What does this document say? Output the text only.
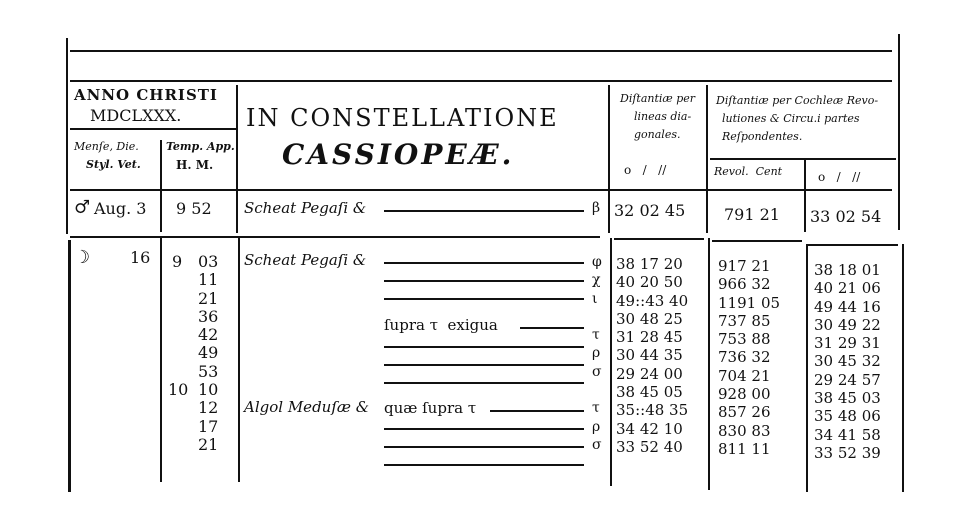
ANNO CHRISTI
MDCLXXX.
Menſe, Die.
Styl. Vet.
Temp. App.
H. M.
IN CONSTELLATIONE
CASSIOPEÆ.
Diſtantiæ per
lineas dia-
gonales.
o   /   //
Diſtantiæ per Cochleæ Revo-
lutiones & Circu.i partes
Reſpondentes.
Revol.  Cent	o   /   //
♂ Aug. 3 9 52 Scheat Pegaſi &	β 32 02 45 791 21 33 02 54
☽ 16 9
10
03
11
21
36
42
49
53
10
12
17
21
Scheat Pegaſi &
Algol Meduſæ &
ſupra τ  exigua
quæ ſupra τ
φ
χ
ι
τ
ρ
σ
τ
ρ
σ
38 17 20
40 20 50
49::43 40
30 48 25
31 28 45
30 44 35
29 24 00
38 45 05
35::48 35
34 42 10
33 52 40
917 21
966 32
1191 05
737 85
753 88
736 32
704 21
928 00
857 26
830 83
811 11
38 18 01
40 21 06
49 44 16
30 49 22
31 29 31
30 45 32
29 24 57
38 45 03
35 48 06
34 41 58
33 52 39
